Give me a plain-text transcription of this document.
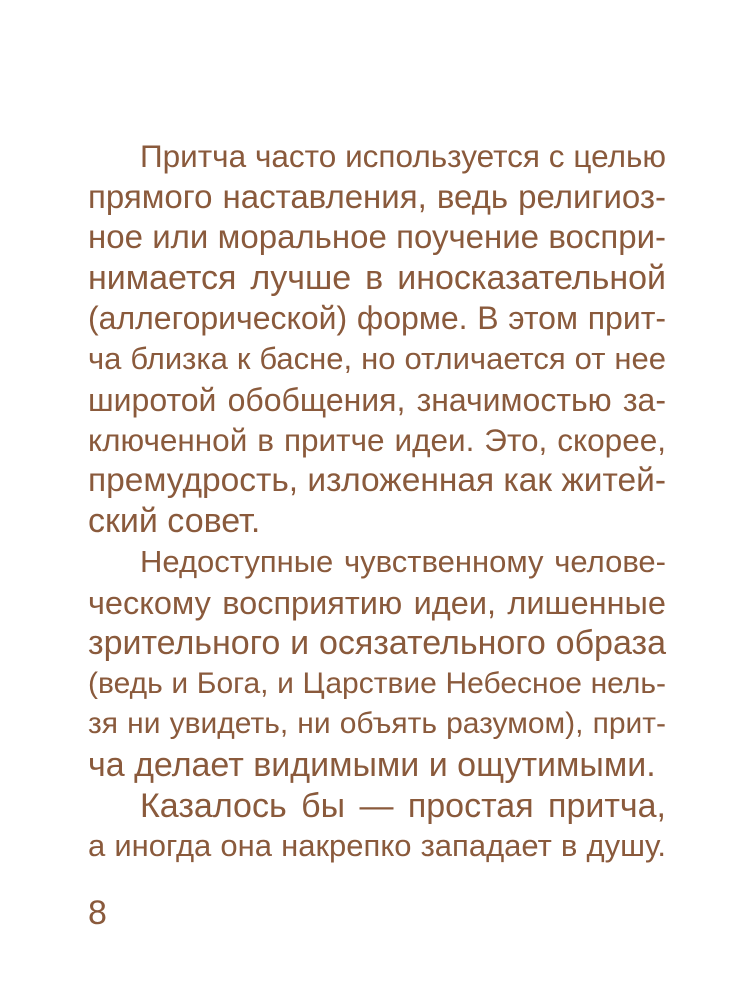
Притча часто используется с целью
прямого наставления, ведь религиоз-
ное или моральное поучение воспри-
нимается лучше в иносказательной
(аллегорической) форме. В этом прит-
ча близка к басне, но отличается от нее
широтой обобщения, значимостью за-
ключенной в притче идеи. Это, скорее,
премудрость, изложенная как житей-
ский совет.
Недоступные чувственному челове-
ческому восприятию идеи, лишенные
зрительного и осязательного образа
(ведь и Бога, и Царствие Небесное нель-
зя ни увидеть, ни объять разумом), прит-
ча делает видимыми и ощутимыми.
Казалось бы — простая притча,
а иногда она накрепко западает в душу.
8
